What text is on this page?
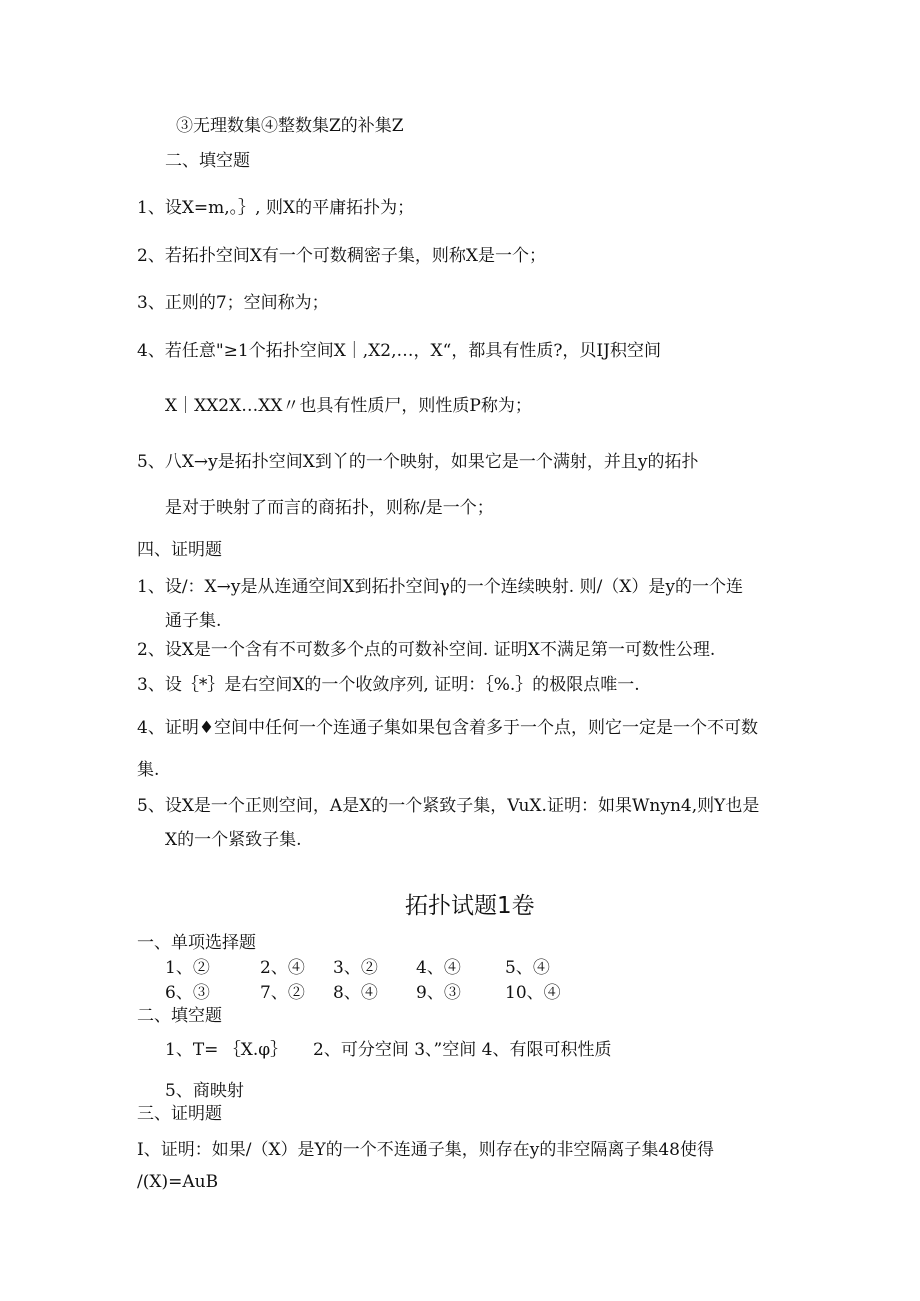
③无理数集④整数集Z的补集Z
二、填空题
1、设X=m,。｝, 则X的平庸拓扑为；
2、若拓扑空间X有一个可数稠密子集，则称X是一个；
3、正则的7；空间称为；
4、若任意"≥1个拓扑空间X｜,X2,…，X“，都具有性质?，贝IJ积空间
X｜XX2X…XX〃也具有性质尸，则性质P称为；
5、八X→y是拓扑空间X到丫的一个映射，如果它是一个满射，并且y的拓扑
是对于映射了而言的商拓扑，则称/是一个；
四、证明题
1、设/：X→y是从连通空间X到拓扑空间γ的一个连续映射. 则/（X）是y的一个连
通子集.
2、设X是一个含有不可数多个点的可数补空间. 证明X不满足第一可数性公理.
3、设｛*｝是右空间X的一个收敛序列, 证明：｛%.｝的极限点唯一.
4、证明♦空间中任何一个连通子集如果包含着多于一个点，则它一定是一个不可数
集.
5、设X是一个正则空间，A是X的一个紧致子集，VuX.证明：如果Wnyn4,则Y也是
X的一个紧致子集.
拓扑试题1卷
一、单项选择题
1、②	2、④ 3、② 4、④	5、④
6、③	7、② 8、④ 9、③	10、④
二、填空题
1、T= ｛X.φ｝ 2、可分空间 3、”空间 4、有限可积性质
5、商映射
三、证明题
I、证明：如果/（X）是Y的一个不连通子集，则存在y的非空隔离子集48使得
/(X)=AuB
